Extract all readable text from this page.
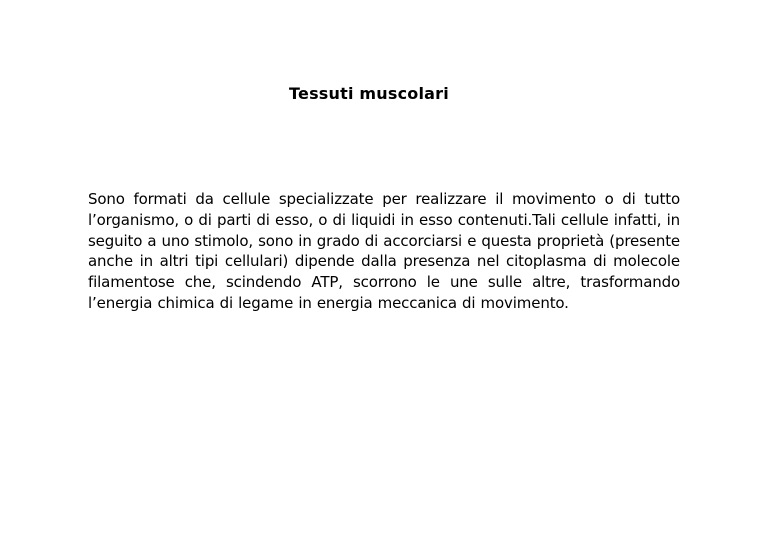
Tessuti muscolari

Sono formati da cellule specializzate per realizzare il movimento o di tutto l’organismo, o di parti di esso, o di liquidi in esso contenuti.Tali cellule infatti, in seguito a uno stimolo, sono in grado di accorciarsi e questa proprietà (presente anche in altri tipi cellulari) dipende dalla presenza nel citoplasma di molecole filamentose che, scindendo ATP, scorrono le une sulle altre, trasformando l’energia chimica di legame in energia meccanica di movimento.
